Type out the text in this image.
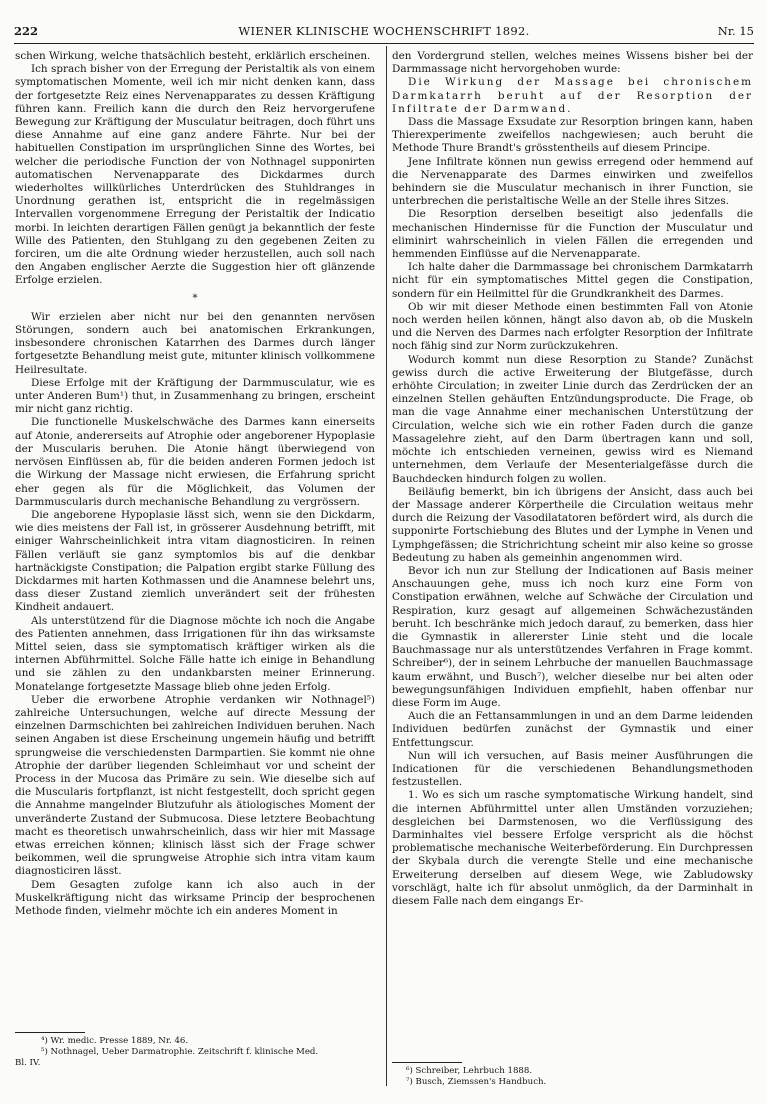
222	WIENER KLINISCHE WOCHENSCHRIFT 1892.	Nr. 15

schen Wirkung, welche thatsächlich besteht, erklärlich erscheinen.

Ich sprach bisher von der Erregung der Peristaltik als von einem symptomatischen Momente, weil ich mir nicht denken kann, dass der fortgesetzte Reiz eines Nervenapparates zu dessen Kräftigung führen kann. Freilich kann die durch den Reiz hervorgerufene Bewegung zur Kräftigung der Musculatur beitragen, doch führt uns diese Annahme auf eine ganz andere Fährte. Nur bei der habituellen Constipation im ursprünglichen Sinne des Wortes, bei welcher die periodische Function der von Nothnagel supponirten automatischen Nervenapparate des Dickdarmes durch wiederholtes willkürliches Unterdrücken des Stuhldranges in Unordnung gerathen ist, entspricht die in regelmässigen Intervallen vorgenommene Erregung der Peristaltik der Indicatio morbi. In leichten derartigen Fällen genügt ja bekanntlich der feste Wille des Patienten, den Stuhlgang zu den gegebenen Zeiten zu forciren, um die alte Ordnung wieder herzustellen, auch soll nach den Angaben englischer Aerzte die Suggestion hier oft glänzende Erfolge erzielen.

*

Wir erzielen aber nicht nur bei den genannten nervösen Störungen, sondern auch bei anatomischen Erkrankungen, insbesondere chronischen Katarrhen des Darmes durch länger fortgesetzte Behandlung meist gute, mitunter klinisch vollkommene Heilresultate.

Diese Erfolge mit der Kräftigung der Darmmusculatur, wie es unter Anderen Bum¹) thut, in Zusammenhang zu bringen, erscheint mir nicht ganz richtig.

Die functionelle Muskelschwäche des Darmes kann einerseits auf Atonie, andererseits auf Atrophie oder angeborener Hypoplasie der Muscularis beruhen. Die Atonie hängt überwiegend von nervösen Einflüssen ab, für die beiden anderen Formen jedoch ist die Wirkung der Massage nicht erwiesen, die Erfahrung spricht eher gegen als für die Möglichkeit, das Volumen der Darmmuscularis durch mechanische Behandlung zu vergrössern.

Die angeborene Hypoplasie lässt sich, wenn sie den Dickdarm, wie dies meistens der Fall ist, in grösserer Ausdehnung betrifft, mit einiger Wahrscheinlichkeit intra vitam diagnosticiren. In reinen Fällen verläuft sie ganz symptomlos bis auf die denkbar hartnäckigste Constipation; die Palpation ergibt starke Füllung des Dickdarmes mit harten Kothmassen und die Anamnese belehrt uns, dass dieser Zustand ziemlich unverändert seit der frühesten Kindheit andauert.

Als unterstützend für die Diagnose möchte ich noch die Angabe des Patienten annehmen, dass Irrigationen für ihn das wirksamste Mittel seien, dass sie symptomatisch kräftiger wirken als die internen Abführmittel. Solche Fälle hatte ich einige in Behandlung und sie zählen zu den undankbarsten meiner Erinnerung. Monatelange fortgesetzte Massage blieb ohne jeden Erfolg.

Ueber die erworbene Atrophie verdanken wir Nothnagel⁵) zahlreiche Untersuchungen, welche auf directe Messung der einzelnen Darmschichten bei zahlreichen Individuen beruhen. Nach seinen Angaben ist diese Erscheinung ungemein häufig und betrifft sprungweise die verschiedensten Darmpartien. Sie kommt nie ohne Atrophie der darüber liegenden Schleimhaut vor und scheint der Process in der Mucosa das Primäre zu sein. Wie dieselbe sich auf die Muscularis fortpflanzt, ist nicht festgestellt, doch spricht gegen die Annahme mangelnder Blutzufuhr als ätiologisches Moment der unveränderte Zustand der Submucosa. Diese letztere Beobachtung macht es theoretisch unwahrscheinlich, dass wir hier mit Massage etwas erreichen können; klinisch lässt sich der Frage schwer beikommen, weil die sprungweise Atrophie sich intra vitam kaum diagnosticiren lässt.

Dem Gesagten zufolge kann ich also auch in der Muskelkräftigung nicht das wirksame Princip der besprochenen Methode finden, vielmehr möchte ich ein anderes Moment in

den Vordergrund stellen, welches meines Wissens bisher bei der Darmmassage nicht hervorgehoben wurde:

Die Wirkung der Massage bei chronischem Darmkatarrh beruht auf der Resorption der Infiltrate der Darmwand.

Dass die Massage Exsudate zur Resorption bringen kann, haben Thierexperimente zweifellos nachgewiesen; auch beruht die Methode Thure Brandt's grösstentheils auf diesem Principe.

Jene Infiltrate können nun gewiss erregend oder hemmend auf die Nervenapparate des Darmes einwirken und zweifellos behindern sie die Musculatur mechanisch in ihrer Function, sie unterbrechen die peristaltische Welle an der Stelle ihres Sitzes.

Die Resorption derselben beseitigt also jedenfalls die mechanischen Hindernisse für die Function der Musculatur und eliminirt wahrscheinlich in vielen Fällen die erregenden und hemmenden Einflüsse auf die Nervenapparate.

Ich halte daher die Darmmassage bei chronischem Darmkatarrh nicht für ein symptomatisches Mittel gegen die Constipation, sondern für ein Heilmittel für die Grundkrankheit des Darmes.

Ob wir mit dieser Methode einen bestimmten Fall von Atonie noch werden heilen können, hängt also davon ab, ob die Muskeln und die Nerven des Darmes nach erfolgter Resorption der Infiltrate noch fähig sind zur Norm zurückzukehren.

Wodurch kommt nun diese Resorption zu Stande? Zunächst gewiss durch die active Erweiterung der Blutgefässe, durch erhöhte Circulation; in zweiter Linie durch das Zerdrücken der an einzelnen Stellen gehäuften Entzündungsproducte. Die Frage, ob man die vage Annahme einer mechanischen Unterstützung der Circulation, welche sich wie ein rother Faden durch die ganze Massagelehre zieht, auf den Darm übertragen kann und soll, möchte ich entschieden verneinen, gewiss wird es Niemand unternehmen, dem Verlaufe der Mesenterialgefässe durch die Bauchdecken hindurch folgen zu wollen.

Beiläufig bemerkt, bin ich übrigens der Ansicht, dass auch bei der Massage anderer Körpertheile die Circulation weitaus mehr durch die Reizung der Vasodilatatoren befördert wird, als durch die supponirte Fortschiebung des Blutes und der Lymphe in Venen und Lymphgefässen; die Strichrichtung scheint mir also keine so grosse Bedeutung zu haben als gemeinhin angenommen wird.

Bevor ich nun zur Stellung der Indicationen auf Basis meiner Anschauungen gehe, muss ich noch kurz eine Form von Constipation erwähnen, welche auf Schwäche der Circulation und Respiration, kurz gesagt auf allgemeinen Schwächezuständen beruht. Ich beschränke mich jedoch darauf, zu bemerken, dass hier die Gymnastik in allererster Linie steht und die locale Bauchmassage nur als unterstützendes Verfahren in Frage kommt. Schreiber⁶), der in seinem Lehrbuche der manuellen Bauchmassage kaum erwähnt, und Busch⁷), welcher dieselbe nur bei alten oder bewegungsunfähigen Individuen empfiehlt, haben offenbar nur diese Form im Auge.

Auch die an Fettansammlungen in und an dem Darme leidenden Individuen bedürfen zunächst der Gymnastik und einer Entfettungscur.

Nun will ich versuchen, auf Basis meiner Ausführungen die Indicationen für die verschiedenen Behandlungsmethoden festzustellen.

1. Wo es sich um rasche symptomatische Wirkung handelt, sind die internen Abführmittel unter allen Umständen vorzuziehen; desgleichen bei Darmstenosen, wo die Verflüssigung des Darminhaltes viel bessere Erfolge verspricht als die höchst problematische mechanische Weiterbeförderung. Ein Durchpressen der Skybala durch die verengte Stelle und eine mechanische Erweiterung derselben auf diesem Wege, wie Zabludowsky vorschlägt, halte ich für absolut unmöglich, da der Darminhalt in diesem Falle nach dem eingangs Er-

⁴) Wr. medic. Presse 1889, Nr. 46.
Bl. IV.
⁵) Nothnagel, Ueber Darmatrophie. Zeitschrift f. klinische Med.
⁶) Schreiber, Lehrbuch 1888.
⁷) Busch, Ziemssen's Handbuch.
